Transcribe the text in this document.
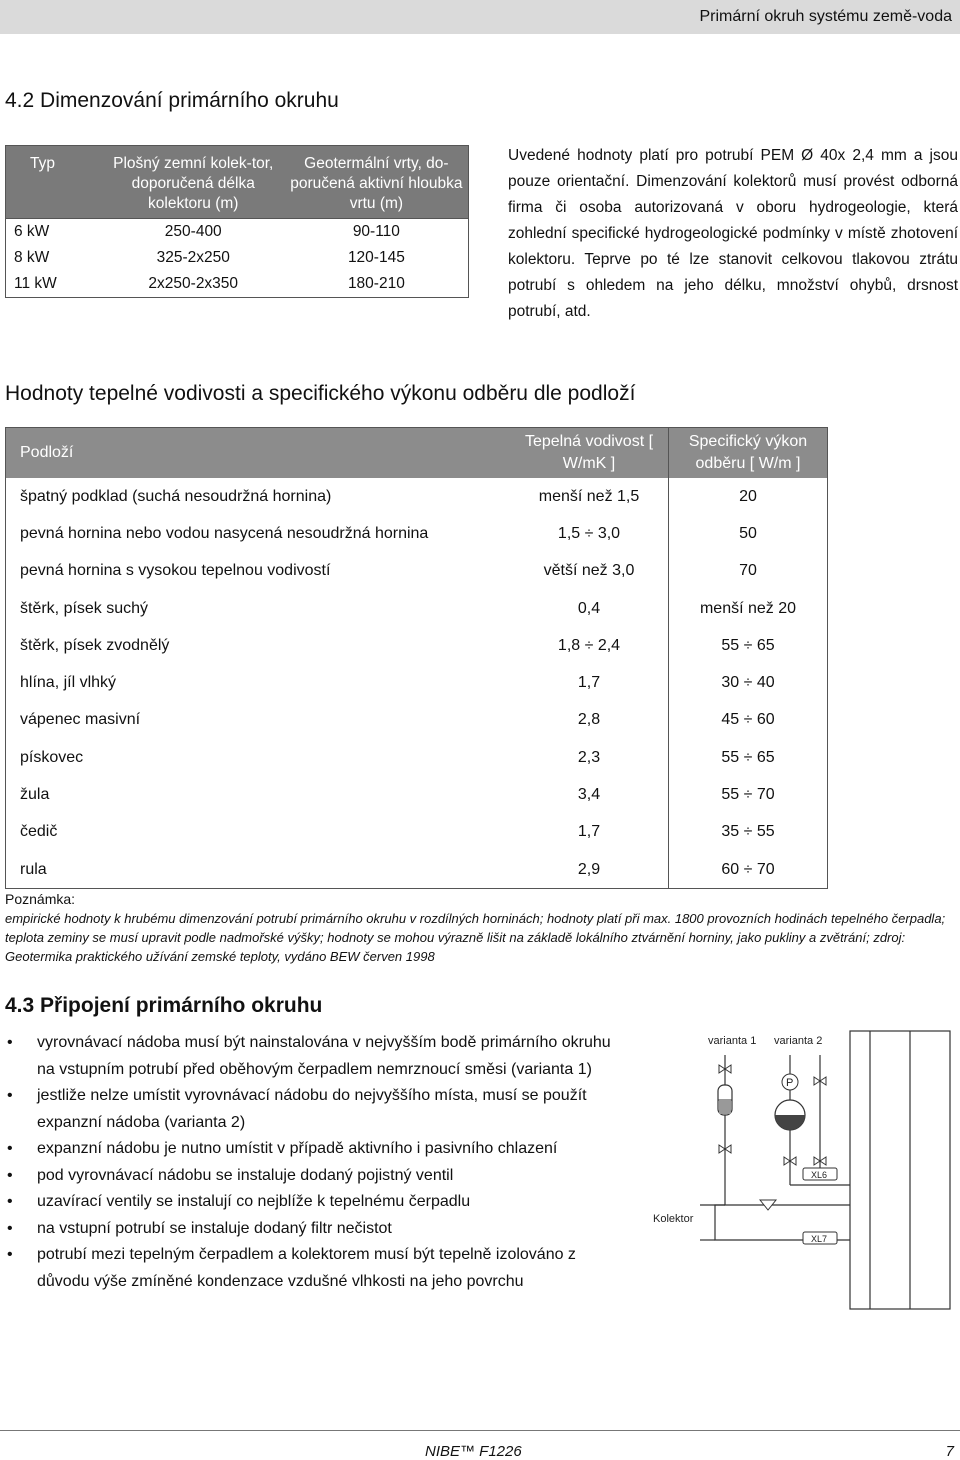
Primární okruh systému země-voda
4.2 Dimenzování primárního okruhu
Typ	Plošný zemní kolek-tor, doporučená délka kolektoru (m)	Geotermální vrty, do-poručená aktivní hloubka vrtu (m)
6 kW	250-400	90-110
8 kW	325-2x250	120-145
11 kW	2x250-2x350	180-210
Uvedené hodnoty platí pro potrubí PEM Ø 40x 2,4 mm a jsou pouze orientační. Dimenzování kolektorů musí provést odborná firma či osoba autorizovaná v oboru hydrogeologie, která zohlední specifické hydrogeologické podmínky v místě zhotovení kolektoru. Teprve po té lze stanovit celkovou tlakovou ztrátu potrubí s ohledem na jeho délku, množství ohybů, drsnost potrubí, atd.
Hodnoty tepelné vodivosti a specifického výkonu odběru dle podloží
Podloží	Tepelná vodivost [ W/mK ]	Specifický výkon odběru [ W/m ]
špatný podklad (suchá nesoudržná hornina)	menší než 1,5	20
pevná hornina nebo vodou nasycená nesoudržná hornina	1,5 ÷ 3,0	50
pevná hornina s vysokou tepelnou vodivostí	větší než 3,0	70
štěrk, písek suchý	0,4	menší než 20
štěrk, písek zvodnělý	1,8 ÷ 2,4	55 ÷ 65
hlína, jíl vlhký	1,7	30 ÷ 40
vápenec masivní	2,8	45 ÷ 60
pískovec	2,3	55 ÷ 65
žula	3,4	55 ÷ 70
čedič	1,7	35 ÷ 55
rula	2,9	60 ÷ 70
Poznámka:
empirické hodnoty k hrubému dimenzování potrubí primárního okruhu v rozdílných horninách; hodnoty platí při max. 1800 provozních hodinách tepelného čerpadla; teplota zeminy se musí upravit podle nadmořské výšky; hodnoty se mohou výrazně lišit na základě lokálního ztvárnění horniny, jako pukliny a zvětrání; zdroj: Geotermika praktického užívání zemské teploty, vydáno BEW červen 1998
4.3 Připojení primárního okruhu
• vyrovnávací nádoba musí být nainstalována v nejvyšším bodě primárního okruhu na vstupním potrubí před oběhovým čerpadlem nemrznoucí směsi (varianta 1)
• jestliže nelze umístit vyrovnávací nádobu do nejvyššího místa, musí se použít expanzní nádoba (varianta 2)
• expanzní nádobu je nutno umístit v případě aktivního i pasivního chlazení
• pod vyrovnávací nádobu se instaluje dodaný pojistný ventil
• uzavírací ventily se instalují co nejblíže k tepelnému čerpadlu
• na vstupní potrubí se instaluje dodaný filtr nečistot
• potrubí mezi tepelným čerpadlem a kolektorem musí být tepelně izolováno z důvodu výše zmíněné kondenzace vzdušné vlhkosti na jeho povrchu
varianta 1 varianta 2
Kolektor
P
XL6
XL7
NIBE™ F1226	7
